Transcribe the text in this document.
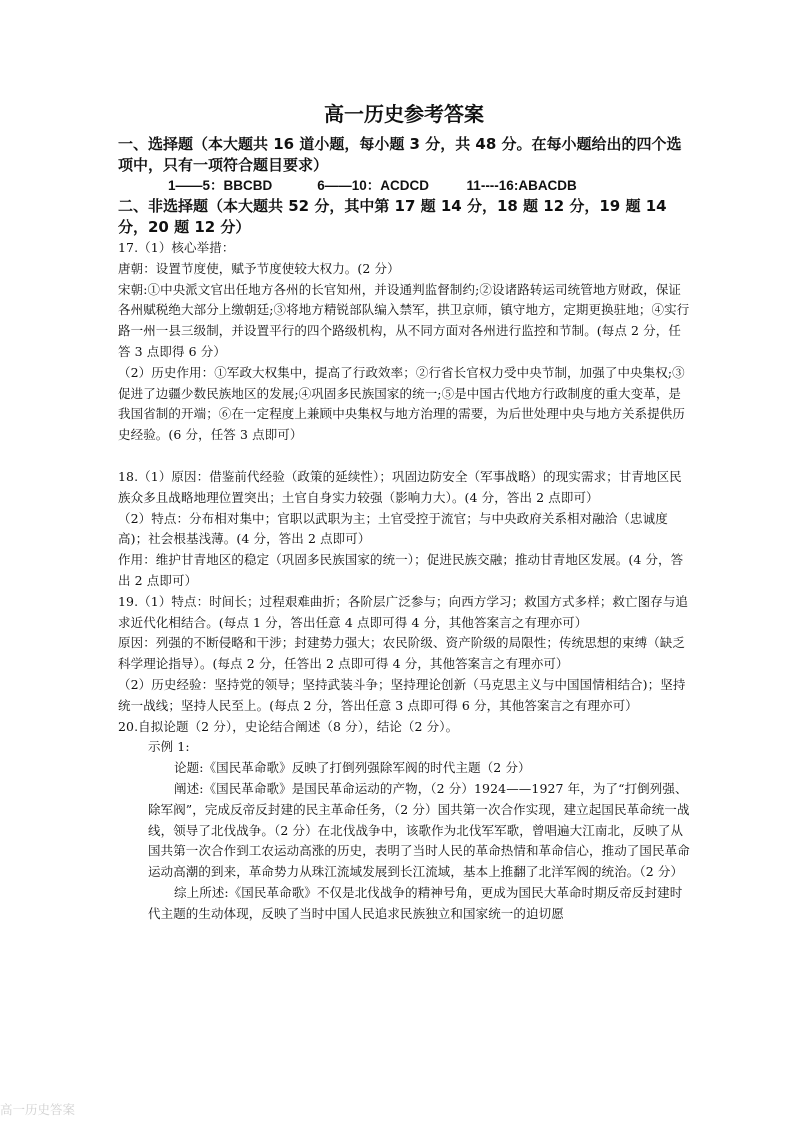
高一历史参考答案
一、选择题（本大题共 16 道小题，每小题 3 分，共 48 分。在每小题给出的四个选项中，只有一项符合题目要求）
1——5：BBCBD            6——10：ACDCD          11----16:ABACDB
二、非选择题（本大题共 52 分，其中第 17 题 14 分，18 题 12 分，19 题 14 分，20 题 12 分）
17.（1）核心举措：
唐朝：设置节度使，赋予节度使较大权力。(2 分）
宋朝:①中央派文官出任地方各州的长官知州，并设通判监督制约;②设诸路转运司统管地方财政，保证各州赋税绝大部分上缴朝廷;③将地方精锐部队编入禁军，拱卫京师，镇守地方，定期更换驻地；④实行路一州一县三级制，并设置平行的四个路级机构，从不同方面对各州进行监控和节制。(每点 2 分，任答 3 点即得 6 分）
（2）历史作用：①军政大权集中，提高了行政效率；②行省长官权力受中央节制，加强了中央集权;③促进了边疆少数民族地区的发展;④巩固多民族国家的统一;⑤是中国古代地方行政制度的重大变革，是我国省制的开端；⑥在一定程度上兼顾中央集权与地方治理的需要，为后世处理中央与地方关系提供历史经验。(6 分，任答 3 点即可）
18.（1）原因：借鉴前代经验（政策的延续性）；巩固边防安全（军事战略）的现实需求；甘青地区民族众多且战略地理位置突出；土官自身实力较强（影响力大）。(4 分，答出 2 点即可）
（2）特点：分布相对集中；官职以武职为主；土官受控于流官；与中央政府关系相对融洽（忠诚度高)；社会根基浅薄。(4 分，答出 2 点即可）
作用：维护甘青地区的稳定（巩固多民族国家的统一）；促进民族交融；推动甘青地区发展。(4 分，答出 2 点即可）
19.（1）特点：时间长；过程艰难曲折；各阶层广泛参与；向西方学习；救国方式多样；救亡图存与追求近代化相结合。(每点 1 分，答出任意 4 点即可得 4 分，其他答案言之有理亦可）
原因：列强的不断侵略和干涉；封建势力强大；农民阶级、资产阶级的局限性；传统思想的束缚（缺乏科学理论指导）。(每点 2 分，任答出 2 点即可得 4 分，其他答案言之有理亦可）
（2）历史经验：坚持党的领导；坚持武装斗争；坚持理论创新（马克思主义与中国国情相结合)；坚持统一战线；坚持人民至上。(每点 2 分，答出任意 3 点即可得 6 分，其他答案言之有理亦可）
20.自拟论题（2 分），史论结合阐述（8 分），结论（2 分）。
示例 1:
论题:《国民革命歌》反映了打倒列强除军阀的时代主题（2 分）
阐述:《国民革命歌》是国民革命运动的产物，（2 分）1924——1927 年，为了“打倒列强、除军阀”，完成反帝反封建的民主革命任务，（2 分）国共第一次合作实现，建立起国民革命统一战线，领导了北伐战争。（2 分）在北伐战争中，该歌作为北伐军军歌，曾唱遍大江南北，反映了从国共第一次合作到工农运动高涨的历史，表明了当时人民的革命热情和革命信心，推动了国民革命运动高潮的到来，革命势力从珠江流域发展到长江流域，基本上推翻了北洋军阀的统治。（2 分）
综上所述:《国民革命歌》不仅是北伐战争的精神号角，更成为国民大革命时期反帝反封建时代主题的生动体现，反映了当时中国人民追求民族独立和国家统一的迫切愿
高一历史答案
